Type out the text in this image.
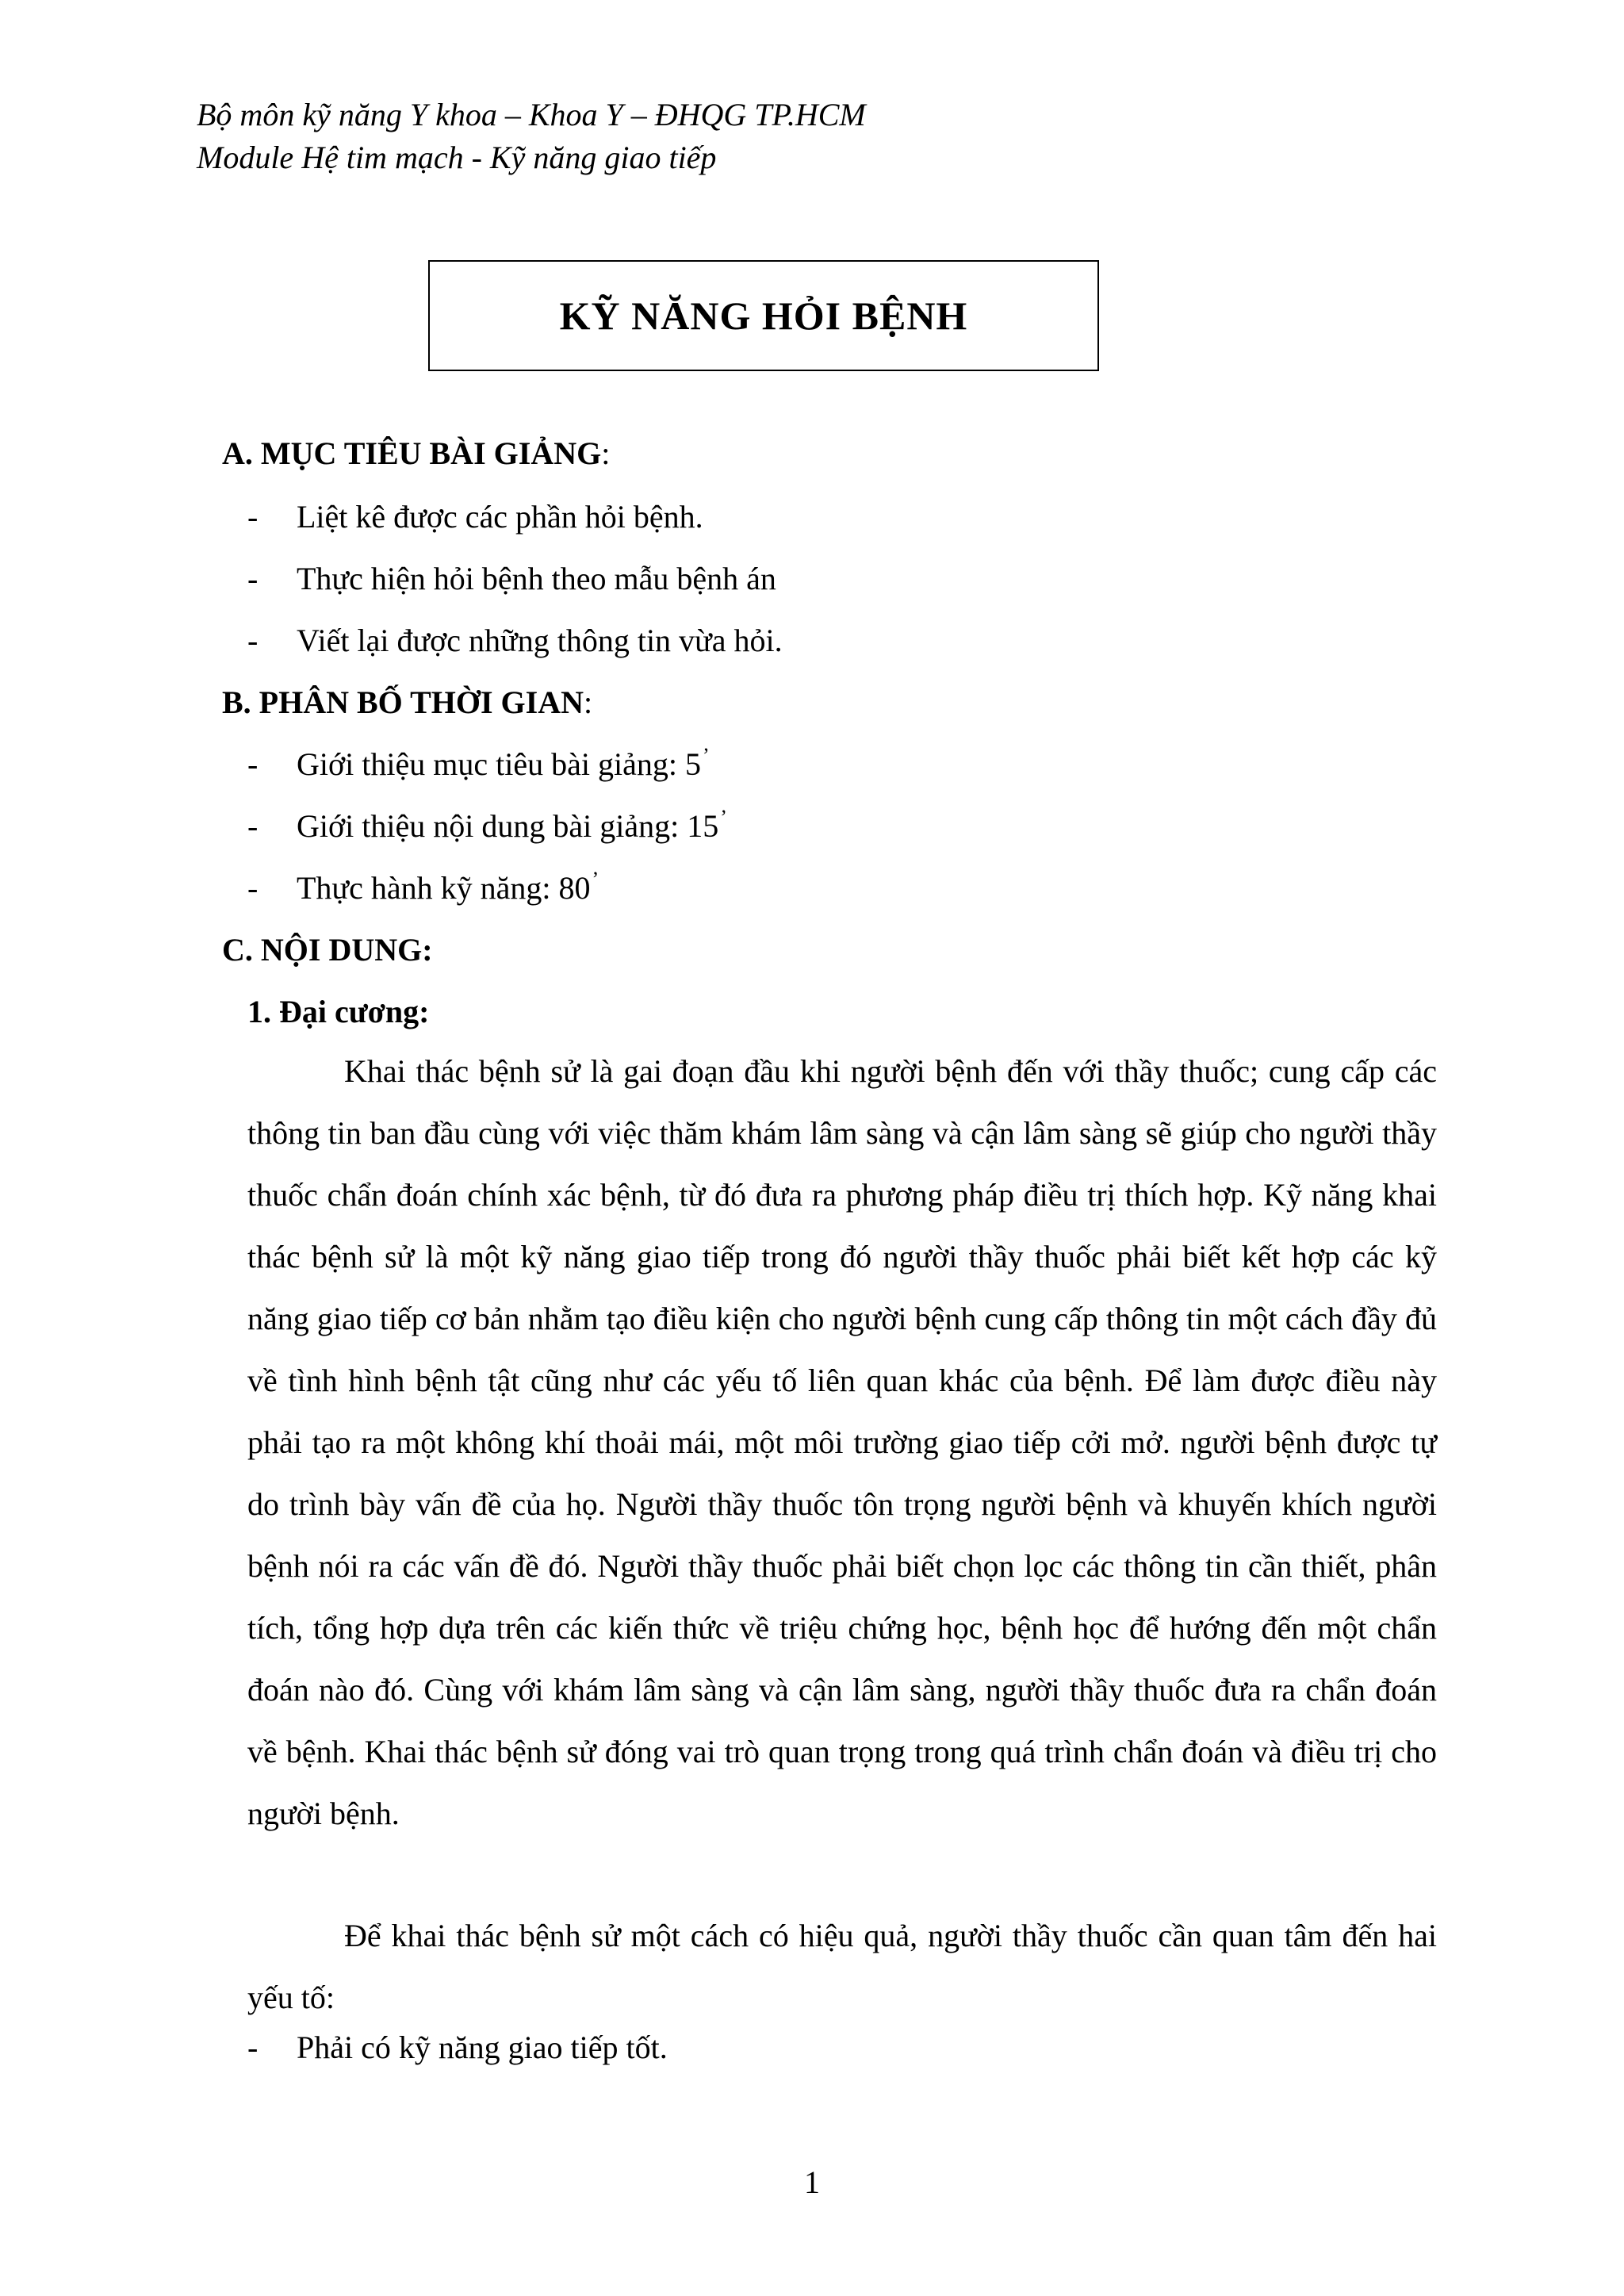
Bộ môn kỹ năng Y khoa – Khoa Y – ĐHQG TP.HCM
Module Hệ tim mạch - Kỹ năng giao tiếp
KỸ NĂNG HỎI BỆNH
A. MỤC TIÊU BÀI GIẢNG:
- Liệt kê được các phần hỏi bệnh.
- Thực hiện hỏi bệnh theo mẫu bệnh án
- Viết lại được những thông tin vừa hỏi.
B. PHÂN BỐ THỜI GIAN:
- Giới thiệu mục tiêu bài giảng: 5’
- Giới thiệu nội dung bài giảng: 15’
- Thực hành kỹ năng: 80’
C. NỘI DUNG:
1. Đại cương:
Khai thác bệnh sử là gai đoạn đầu khi người bệnh đến với thầy thuốc; cung cấp các thông tin ban đầu cùng với việc thăm khám lâm sàng và cận lâm sàng sẽ giúp cho người thầy thuốc chẩn đoán chính xác bệnh, từ đó đưa ra phương pháp điều trị thích hợp. Kỹ năng khai thác bệnh sử là một kỹ năng giao tiếp trong đó người thầy thuốc phải biết kết hợp các kỹ năng giao tiếp cơ bản nhằm tạo điều kiện cho người bệnh cung cấp thông tin một cách đầy đủ về tình hình bệnh tật cũng như các yếu tố liên quan khác của bệnh. Để làm được điều này phải tạo ra một không khí thoải mái, một môi trường giao tiếp cởi mở. người bệnh được tự do trình bày vấn đề của họ. Người thầy thuốc tôn trọng người bệnh và khuyến khích người bệnh nói ra các vấn đề đó. Người thầy thuốc phải biết chọn lọc các thông tin cần thiết, phân tích, tổng hợp dựa trên các kiến thức về triệu chứng học, bệnh học để hướng đến một chẩn đoán nào đó. Cùng với khám lâm sàng và cận lâm sàng, người thầy thuốc đưa ra chẩn đoán về bệnh. Khai thác bệnh sử đóng vai trò quan trọng trong quá trình chẩn đoán và điều trị cho người bệnh.
Để khai thác bệnh sử một cách có hiệu quả, người thầy thuốc cần quan tâm đến hai yếu tố:
- Phải có kỹ năng giao tiếp tốt.
1
